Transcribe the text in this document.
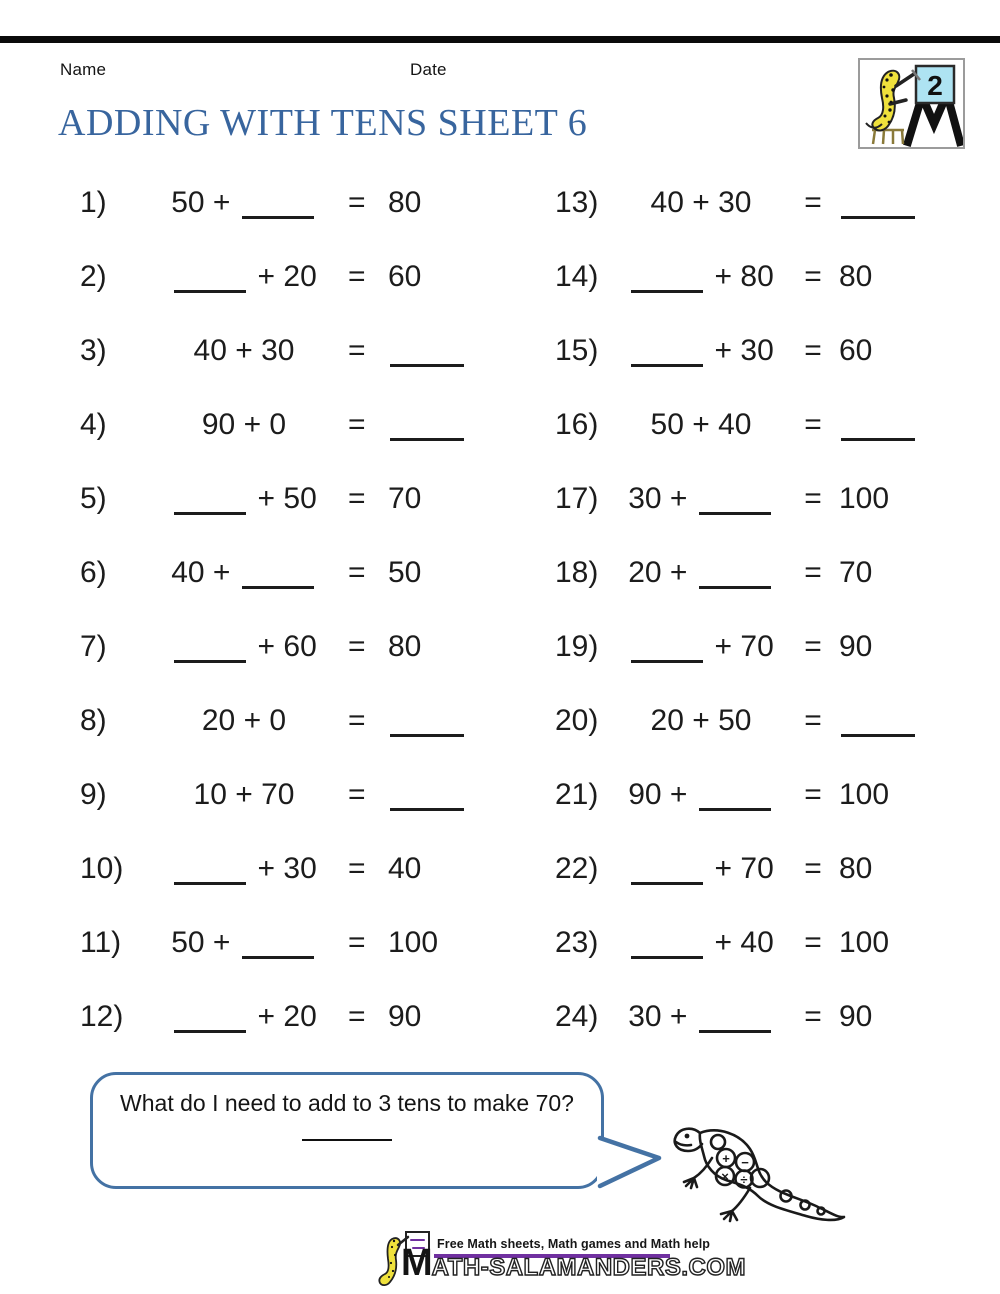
Name	Date
2
ADDING WITH TENS SHEET 6
1)	50 +	= 80
2)	+ 20	= 60
3)	40 + 30	=
4)	90 + 0	=
5)	+ 50	= 70
6)	40 +	= 50
7)	+ 60	= 80
8)	20 + 0	=
9)	10 + 70	=
10)	+ 30	= 40
11)	50 +	= 100
12)	+ 20	= 90
13)	40 + 30	=
14)	+ 80	= 80
15)	+ 30	= 60
16)	50 + 40	=
17) 30 +	= 100
18) 20 +	= 70
19)	+ 70	= 90
20)	20 + 50	=
21) 90 +	= 100
22)	+ 70	= 80
23)	+ 40	= 100
24) 30 +	= 90
What do I need to add to 3 tens to make 70?
+ −
× ÷
Free Math sheets, Math games and Math help
M ATH-SALAMANDERS.COM
